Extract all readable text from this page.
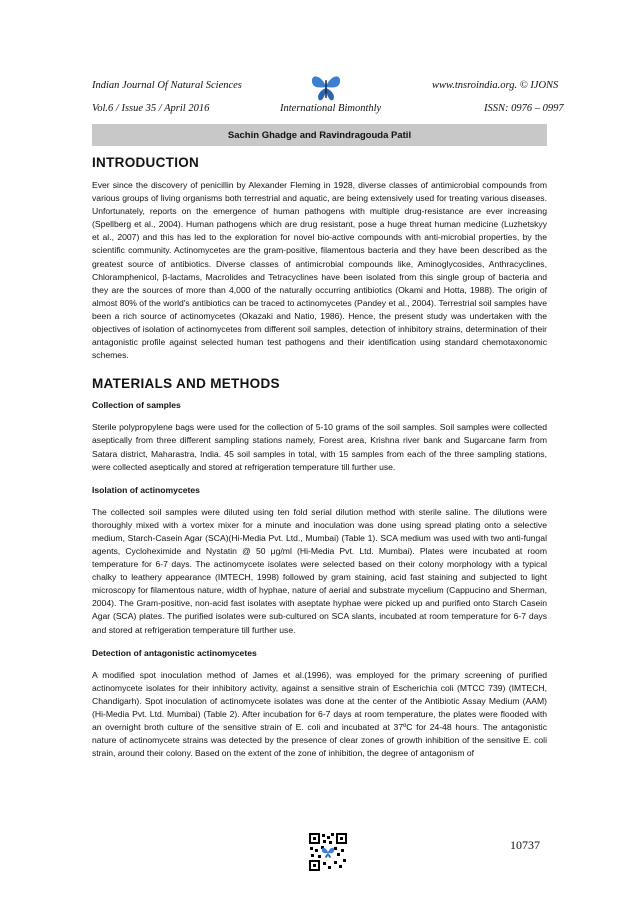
Indian Journal Of Natural Sciences	www.tnsroindia.org. © IJONS
Vol.6 / Issue 35 / April 2016	International Bimonthly	ISSN: 0976 – 0997
Sachin Ghadge and Ravindragouda Patil
INTRODUCTION

Ever since the discovery of penicillin by Alexander Fleming in 1928, diverse classes of antimicrobial compounds from various groups of living organisms both terrestrial and aquatic, are being extensively used for treating various diseases. Unfortunately, reports on the emergence of human pathogens with multiple drug-resistance are ever increasing (Spellberg et al., 2004). Human pathogens which are drug resistant, pose a huge threat human medicine (Luzhetskyy et al., 2007) and this has led to the exploration for novel bio-active compounds with anti-microbial properties, by the scientific community. Actinomycetes are the gram-positive, filamentous bacteria and they have been described as the greatest source of antibiotics. Diverse classes of antimicrobial compounds like, Aminoglycosides, Anthracyclines, Chloramphenicol, β-lactams, Macrolides and Tetracyclines have been isolated from this single group of bacteria and they are the sources of more than 4,000 of the naturally occurring antibiotics (Okami and Hotta, 1988). The origin of almost 80% of the world's antibiotics can be traced to actinomycetes (Pandey et al., 2004). Terrestrial soil samples have been a rich source of actinomycetes (Okazaki and Natio, 1986). Hence, the present study was undertaken with the objectives of isolation of actinomycetes from different soil samples, detection of inhibitory strains, determination of their antagonistic profile against selected human test pathogens and their identification using standard chemotaxonomic schemes.

MATERIALS AND METHODS
Collection of samples

Sterile polypropylene bags were used for the collection of 5-10 grams of the soil samples. Soil samples were collected aseptically from three different sampling stations namely, Forest area, Krishna river bank and Sugarcane farm from Satara district, Maharastra, India. 45 soil samples in total, with 15 samples from each of the three sampling stations, were collected aseptically and stored at refrigeration temperature till further use.

Isolation of actinomycetes

The collected soil samples were diluted using ten fold serial dilution method with sterile saline. The dilutions were thoroughly mixed with a vortex mixer for a minute and inoculation was done using spread plating onto a selective medium, Starch-Casein Agar (SCA)(Hi-Media Pvt. Ltd., Mumbai) (Table 1). SCA medium was used with two anti-fungal agents, Cycloheximide and Nystatin @ 50 μg/ml (Hi-Media Pvt. Ltd. Mumbai). Plates were incubated at room temperature for 6-7 days. The actinomycete isolates were selected based on their colony morphology with a typical chalky to leathery appearance (IMTECH, 1998) followed by gram staining, acid fast staining and subjected to light microscopy for filamentous nature, width of hyphae, nature of aerial and substrate mycelium (Cappucino and Sherman, 2004). The Gram-positive, non-acid fast isolates with aseptate hyphae were picked up and purified onto Starch Casein Agar (SCA) plates. The purified isolates were sub-cultured on SCA slants, incubated at room temperature for 6-7 days and stored at refrigeration temperature till further use.

Detection of antagonistic actinomycetes

A modified spot inoculation method of James et al.(1996), was employed for the primary screening of purified actinomycete isolates for their inhibitory activity, against a sensitive strain of Escherichia coli (MTCC 739) (IMTECH, Chandigarh). Spot inoculation of actinomycete isolates was done at the center of the Antibiotic Assay Medium (AAM) (Hi-Media Pvt. Ltd. Mumbai) (Table 2). After incubation for 6-7 days at room temperature, the plates were flooded with an overnight broth culture of the sensitive strain of E. coli and incubated at 37ºC for 24-48 hours. The antagonistic nature of actinomycete strains was detected by the presence of clear zones of growth inhibition of the sensitive E. coli strain, around their colony. Based on the extent of the zone of inhibition, the degree of antagonism of

10737
